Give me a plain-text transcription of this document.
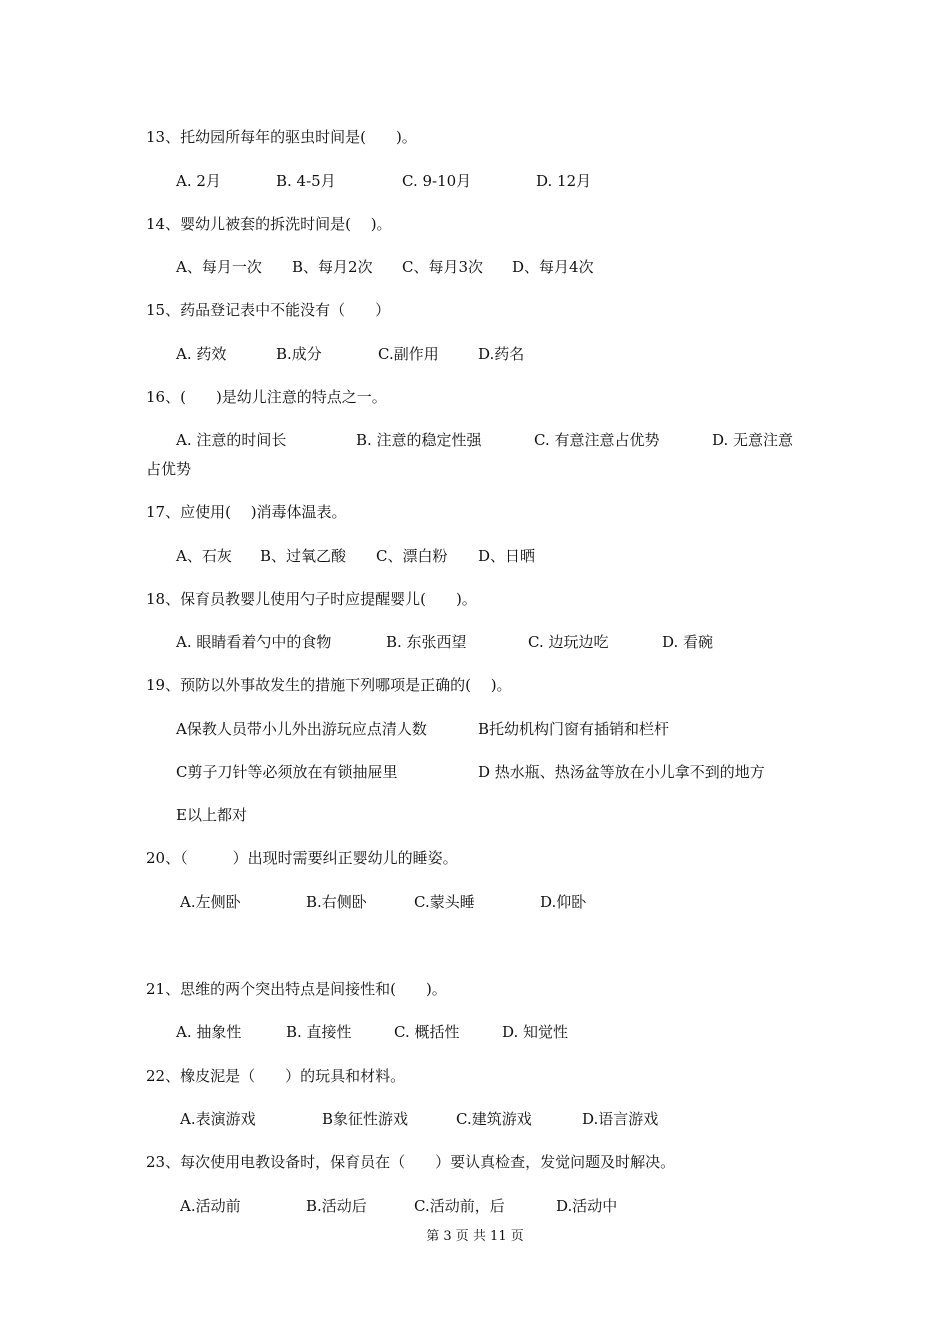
13、托幼园所每年的驱虫时间是(　　)。
A. 2月	B. 4-5月	C. 9-10月	D. 12月
14、婴幼儿被套的拆洗时间是(　 )。
A、每月一次 B、每月2次 C、每月3次 D、每月4次
15、药品登记表中不能没有（　　）
A. 药效	B.成分	C.副作用	D.药名
16、(　　)是幼儿注意的特点之一。
A. 注意的时间长	B. 注意的稳定性强	C. 有意注意占优势	D. 无意注意
占优势
17、应使用(　 )消毒体温表。
A、石灰 B、过氧乙酸 C、漂白粉 D、日晒
18、保育员教婴儿使用勺子时应提醒婴儿(　　)。
A. 眼睛看着勺中的食物	B. 东张西望	C. 边玩边吃	D. 看碗
19、预防以外事故发生的措施下列哪项是正确的(　 )。
A保教人员带小儿外出游玩应点清人数	B托幼机构门窗有插销和栏杆
C剪子刀针等必须放在有锁抽屉里	D 热水瓶、热汤盆等放在小儿拿不到的地方
E以上都对
20、（　　　）出现时需要纠正婴幼儿的睡姿。
A.左侧卧	B.右侧卧	C.蒙头睡	D.仰卧
21、思维的两个突出特点是间接性和(　　)。
A. 抽象性	B. 直接性	C. 概括性	D. 知觉性
22、橡皮泥是（　　）的玩具和材料。
A.表演游戏	B象征性游戏	C.建筑游戏	D.语言游戏
23、每次使用电教设备时，保育员在（　　）要认真检查，发觉问题及时解决。
A.活动前	B.活动后	C.活动前，后	D.活动中
第 3 页 共 11 页
